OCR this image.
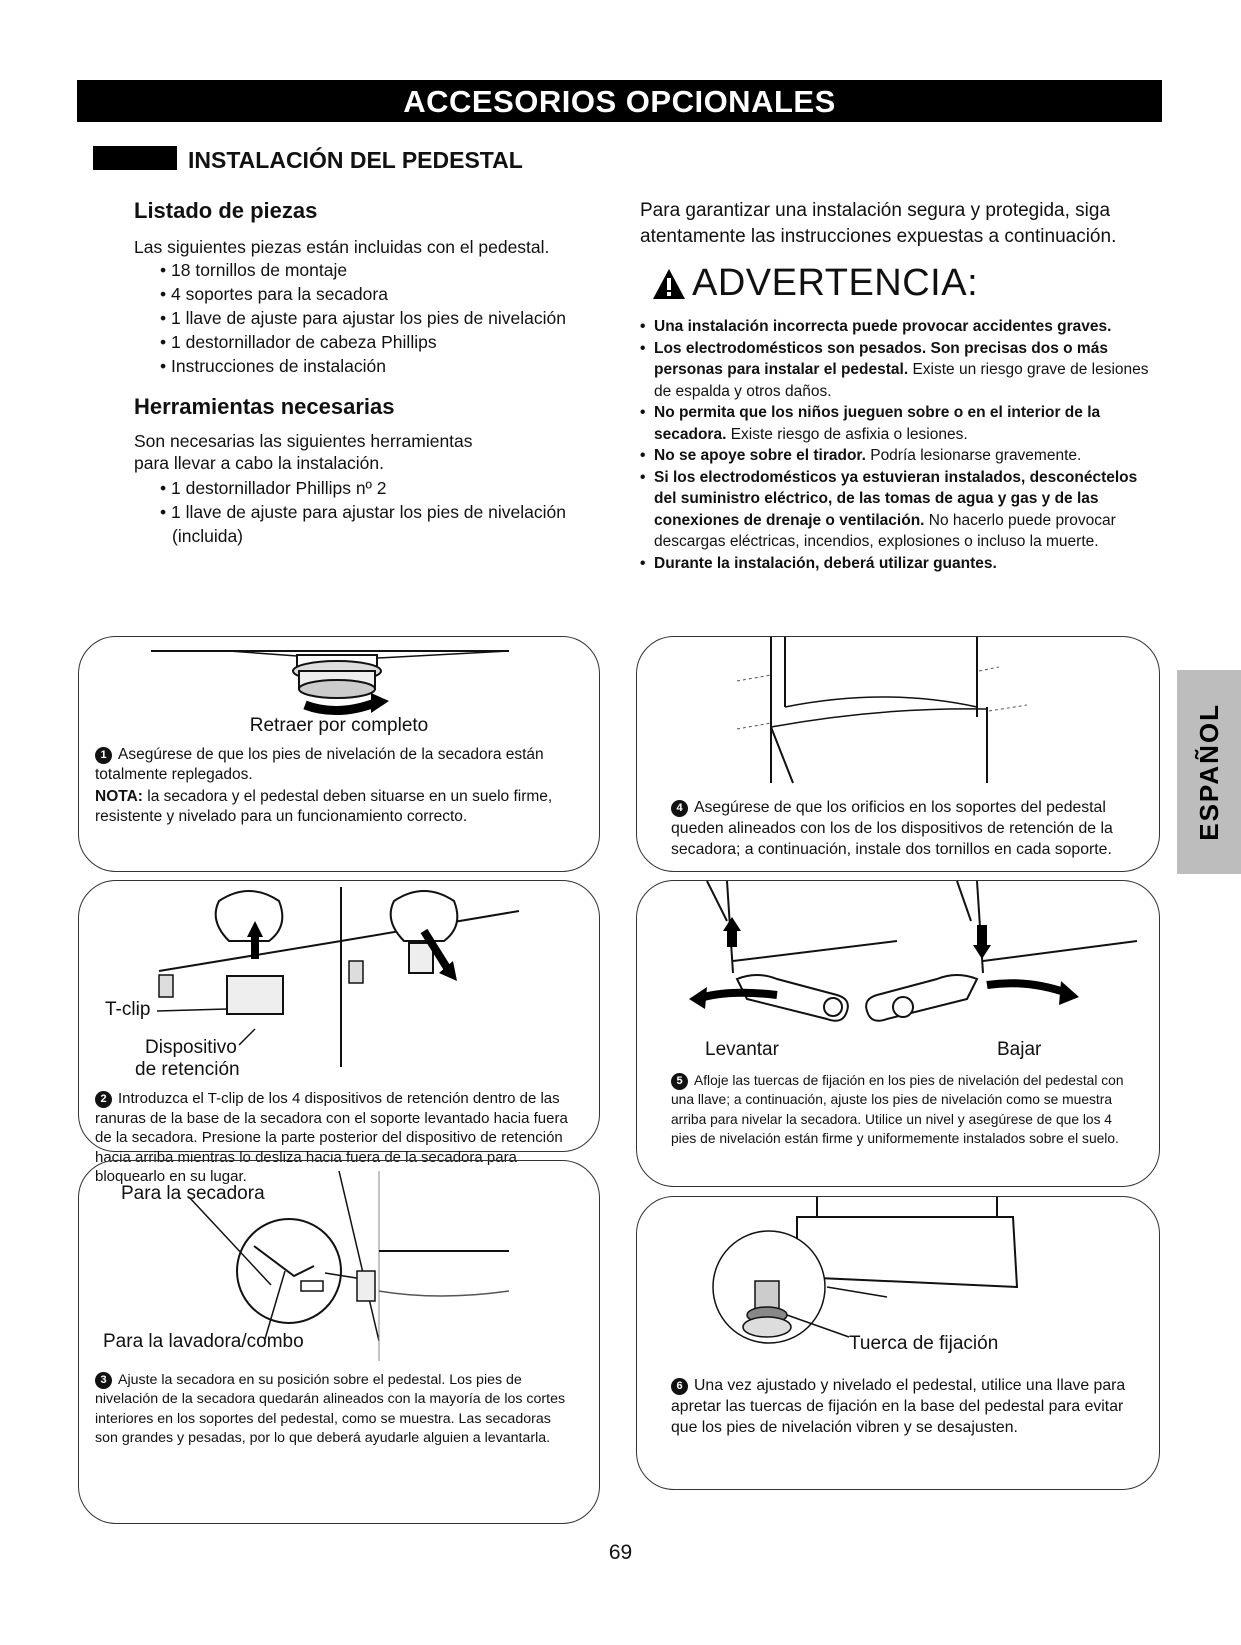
ACCESORIOS OPCIONALES
INSTALACIÓN DEL PEDESTAL
Listado de piezas
Las siguientes piezas están incluidas con el pedestal.
• 18 tornillos de montaje
• 4 soportes para la secadora
• 1 llave de ajuste para ajustar los pies de nivelación
• 1 destornillador de cabeza Phillips
• Instrucciones de instalación
Herramientas necesarias
Son necesarias las siguientes herramientas
para llevar a cabo la instalación.
• 1 destornillador Phillips nº 2
• 1 llave de ajuste para ajustar los pies de nivelación
(incluida)
Para garantizar una instalación segura y protegida, siga atentamente las instrucciones expuestas a continuación.
ADVERTENCIA:
• Una instalación incorrecta puede provocar accidentes graves.
• Los electrodomésticos son pesados. Son precisas dos o más personas para instalar el pedestal. Existe un riesgo grave de lesiones de espalda y otros daños.
• No permita que los niños jueguen sobre o en el interior de la secadora. Existe riesgo de asfixia o lesiones.
• No se apoye sobre el tirador. Podría lesionarse gravemente.
• Si los electrodomésticos ya estuvieran instalados, desconéctelos del suministro eléctrico, de las tomas de agua y gas y de las conexiones de drenaje o ventilación. No hacerlo puede provocar descargas eléctricas, incendios, explosiones o incluso la muerte.
• Durante la instalación, deberá utilizar guantes.
Retraer por completo
1 Asegúrese de que los pies de nivelación de la secadora están totalmente replegados.
NOTA: la secadora y el pedestal deben situarse en un suelo firme, resistente y nivelado para un funcionamiento correcto.
T-clip
Dispositivo
de retención
2 Introduzca el T-clip de los 4 dispositivos de retención dentro de las ranuras de la base de la secadora con el soporte levantado hacia fuera de la secadora. Presione la parte posterior del dispositivo de retención hacia arriba mientras lo desliza hacia fuera de la secadora para bloquearlo en su lugar.
Para la secadora
Para la lavadora/combo
3 Ajuste la secadora en su posición sobre el pedestal. Los pies de nivelación de la secadora quedarán alineados con la mayoría de los cortes interiores en los soportes del pedestal, como se muestra. Las secadoras son grandes y pesadas, por lo que deberá ayudarle alguien a levantarla.
4 Asegúrese de que los orificios en los soportes del pedestal queden alineados con los de los dispositivos de retención de la secadora; a continuación, instale dos tornillos en cada soporte.
Levantar	Bajar
5 Afloje las tuercas de fijación en los pies de nivelación del pedestal con una llave; a continuación, ajuste los pies de nivelación como se muestra arriba para nivelar la secadora. Utilice un nivel y asegúrese de que los 4 pies de nivelación están firme y uniformemente instalados sobre el suelo.
Tuerca de fijación
6 Una vez ajustado y nivelado el pedestal, utilice una llave para apretar las tuercas de fijación en la base del pedestal para evitar que los pies de nivelación vibren y se desajusten.
ESPAÑOL
69
